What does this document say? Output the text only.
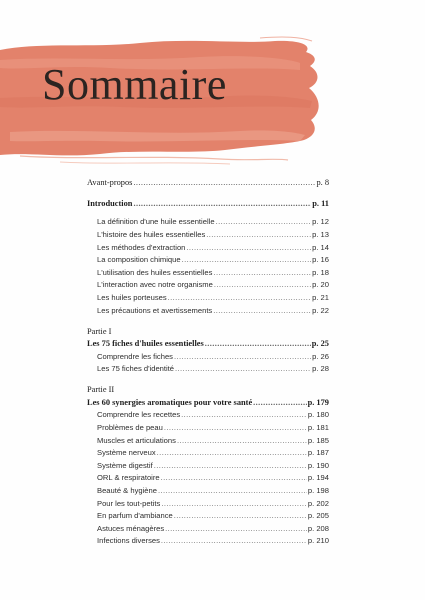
Sommaire
Avant-propos .....	p. 8
Introduction .....	p. 11
La définition d'une huile essentielle .....	p. 12
L'histoire des huiles essentielles .....	p. 13
Les méthodes d'extraction .....	p. 14
La composition chimique .....	p. 16
L'utilisation des huiles essentielles .....	p. 18
L'interaction avec notre organisme .....	p. 20
Les huiles porteuses .....	p. 21
Les précautions et avertissements .....	p. 22
Partie I
Les 75 fiches d'huiles essentielles .....	p. 25
Comprendre les fiches .....	p. 26
Les 75 fiches d'identité .....	p. 28
Partie II
Les 60 synergies aromatiques pour votre santé .....	p. 179
Comprendre les recettes .....	p. 180
Problèmes de peau .....	p. 181
Muscles et articulations .....	p. 185
Système nerveux .....	p. 187
Système digestif .....	p. 190
ORL & respiratoire .....	p. 194
Beauté & hygiène .....	p. 198
Pour les tout-petits .....	p. 202
En parfum d'ambiance .....	p. 205
Astuces ménagères .....	p. 208
Infections diverses .....	p. 210
